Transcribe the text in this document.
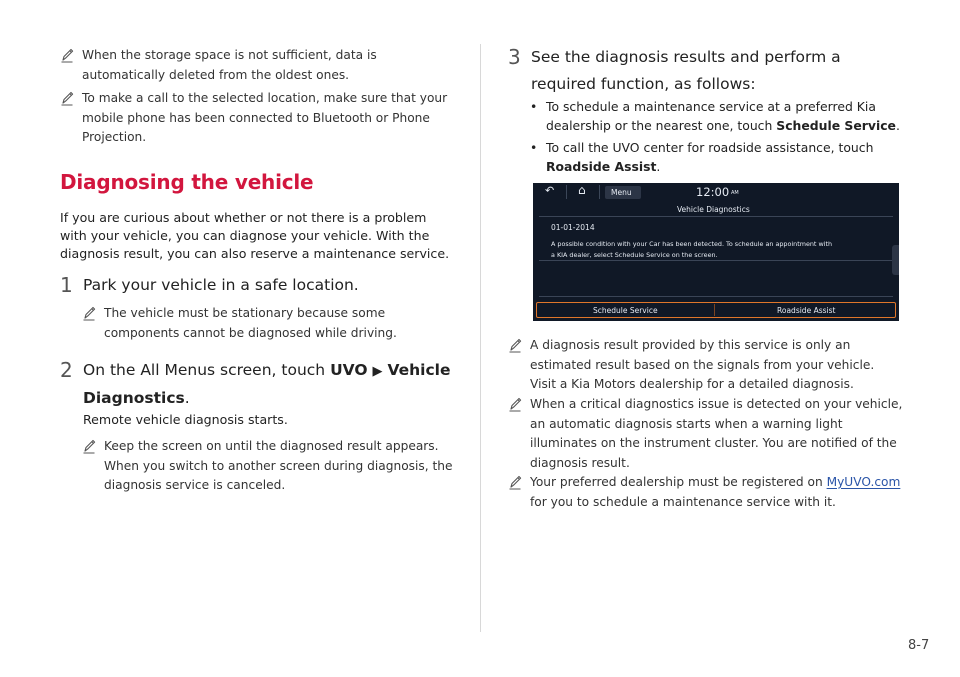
When the storage space is not sufficient, data is automatically deleted from the oldest ones.
To make a call to the selected location, make sure that your mobile phone has been connected to Bluetooth or Phone Projection.
Diagnosing the vehicle
If you are curious about whether or not there is a problem with your vehicle, you can diagnose your vehicle. With the diagnosis result, you can also reserve a maintenance service.
1 Park your vehicle in a safe location.
The vehicle must be stationary because some components cannot be diagnosed while driving.
2 On the All Menus screen, touch UVO ▶ Vehicle Diagnostics.
Remote vehicle diagnosis starts.
Keep the screen on until the diagnosed result appears. When you switch to another screen during diagnosis, the diagnosis service is canceled.
3 See the diagnosis results and perform a required function, as follows:
• To schedule a maintenance service at a preferred Kia dealership or the nearest one, touch Schedule Service.
• To call the UVO center for roadside assistance, touch Roadside Assist.
A diagnosis result provided by this service is only an estimated result based on the signals from your vehicle. Visit a Kia Motors dealership for a detailed diagnosis.
When a critical diagnostics issue is detected on your vehicle, an automatic diagnosis starts when a warning light illuminates on the instrument cluster. You are notified of the diagnosis result.
Your preferred dealership must be registered on MyUVO.com for you to schedule a maintenance service with it.
↶ ⌂	Menu	12:00 AM
Vehicle Diagnostics
01-01-2014
A possible condition with your Car has been detected. To schedule an appointment with
a KIA dealer, select Schedule Service on the screen.
Schedule Service	Roadside Assist
8-7
